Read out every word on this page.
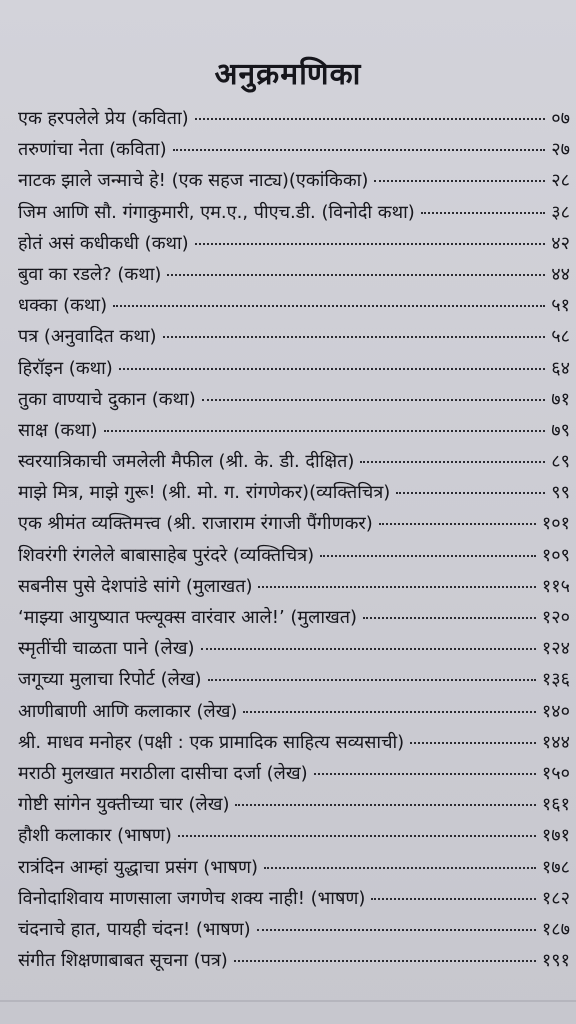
अनुक्रमणिका
एक हरपलेले प्रेय (कविता)	०७
तरुणांचा नेता (कविता)	२७
नाटक झाले जन्माचे हे! (एक सहज नाट्य)(एकांकिका)	२८
जिम आणि सौ. गंगाकुमारी, एम.ए., पीएच.डी. (विनोदी कथा)	३८
होतं असं कधीकधी (कथा)	४२
बुवा का रडले? (कथा)	४४
धक्का (कथा)	५१
पत्र (अनुवादित कथा)	५८
हिरॉइन (कथा)	६४
तुका वाण्याचे दुकान (कथा)	७१
साक्ष (कथा)	७९
स्वरयात्रिकाची जमलेली मैफील (श्री. के. डी. दीक्षित)	८९
माझे मित्र, माझे गुरू! (श्री. मो. ग. रांगणेकर)(व्यक्तिचित्र)	९९
एक श्रीमंत व्यक्तिमत्त्व (श्री. राजाराम रंगाजी पैंगीणकर)	१०१
शिवरंगी रंगलेले बाबासाहेब पुरंदरे (व्यक्तिचित्र)	१०९
सबनीस पुसे देशपांडे सांगे (मुलाखत)	११५
‘माझ्या आयुष्यात फ्ल्यूक्स वारंवार आले!’ (मुलाखत)	१२०
स्मृतींची चाळता पाने (लेख)	१२४
जगूच्या मुलाचा रिपोर्ट (लेख)	१३६
आणीबाणी आणि कलाकार (लेख)	१४०
श्री. माधव मनोहर (पक्षी : एक प्रामादिक साहित्य सव्यसाची)	१४४
मराठी मुलखात मराठीला दासीचा दर्जा (लेख)	१५०
गोष्टी सांगेन युक्तीच्या चार (लेख)	१६१
हौशी कलाकार (भाषण)	१७१
रात्रंदिन आम्हां युद्धाचा प्रसंग (भाषण)	१७८
विनोदाशिवाय माणसाला जगणेच शक्य नाही! (भाषण)	१८२
चंदनाचे हात, पायही चंदन! (भाषण)	१८७
संगीत शिक्षणाबाबत सूचना (पत्र)	१९१
